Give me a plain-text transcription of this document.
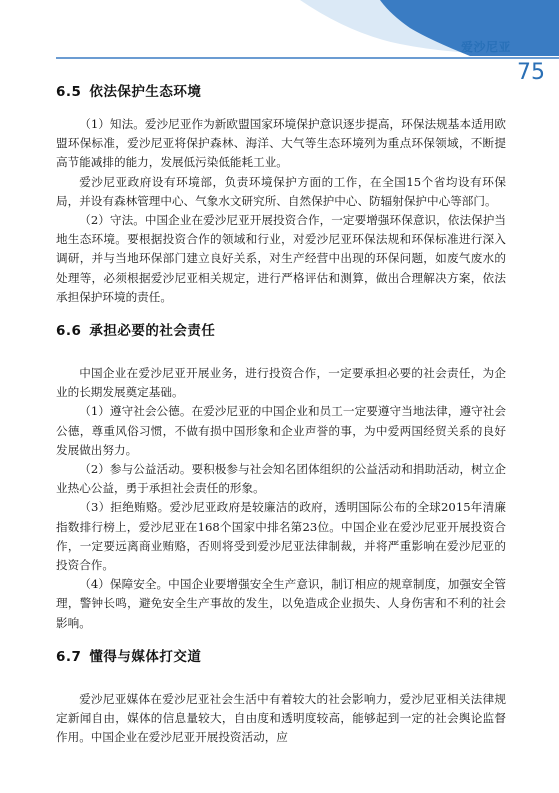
爱沙尼亚
75
6.5 依法保护生态环境

（1）知法。爱沙尼亚作为新欧盟国家环境保护意识逐步提高，环保法规基本适用欧盟环保标准，爱沙尼亚将保护森林、海洋、大气等生态环境列为重点环保领域，不断提高节能减排的能力，发展低污染低能耗工业。

爱沙尼亚政府设有环境部，负责环境保护方面的工作，在全国15个省均设有环保局，并设有森林管理中心、气象水文研究所、自然保护中心、防辐射保护中心等部门。

（2）守法。中国企业在爱沙尼亚开展投资合作，一定要增强环保意识，依法保护当地生态环境。要根据投资合作的领域和行业，对爱沙尼亚环保法规和环保标准进行深入调研，并与当地环保部门建立良好关系，对生产经营中出现的环保问题，如废气废水的处理等，必须根据爱沙尼亚相关规定，进行严格评估和测算，做出合理解决方案，依法承担保护环境的责任。

6.6 承担必要的社会责任

中国企业在爱沙尼亚开展业务，进行投资合作，一定要承担必要的社会责任，为企业的长期发展奠定基础。

（1）遵守社会公德。在爱沙尼亚的中国企业和员工一定要遵守当地法律，遵守社会公德，尊重风俗习惯，不做有损中国形象和企业声誉的事，为中爱两国经贸关系的良好发展做出努力。

（2）参与公益活动。要积极参与社会知名团体组织的公益活动和捐助活动，树立企业热心公益，勇于承担社会责任的形象。

（3）拒绝贿赂。爱沙尼亚政府是较廉洁的政府，透明国际公布的全球2015年清廉指数排行榜上，爱沙尼亚在168个国家中排名第23位。中国企业在爱沙尼亚开展投资合作，一定要远离商业贿赂，否则将受到爱沙尼亚法律制裁，并将严重影响在爱沙尼亚的投资合作。

（4）保障安全。中国企业要增强安全生产意识，制订相应的规章制度，加强安全管理，警钟长鸣，避免安全生产事故的发生，以免造成企业损失、人身伤害和不利的社会影响。

6.7 懂得与媒体打交道

爱沙尼亚媒体在爱沙尼亚社会生活中有着较大的社会影响力，爱沙尼亚相关法律规定新闻自由，媒体的信息量较大，自由度和透明度较高，能够起到一定的社会舆论监督作用。中国企业在爱沙尼亚开展投资活动，应
